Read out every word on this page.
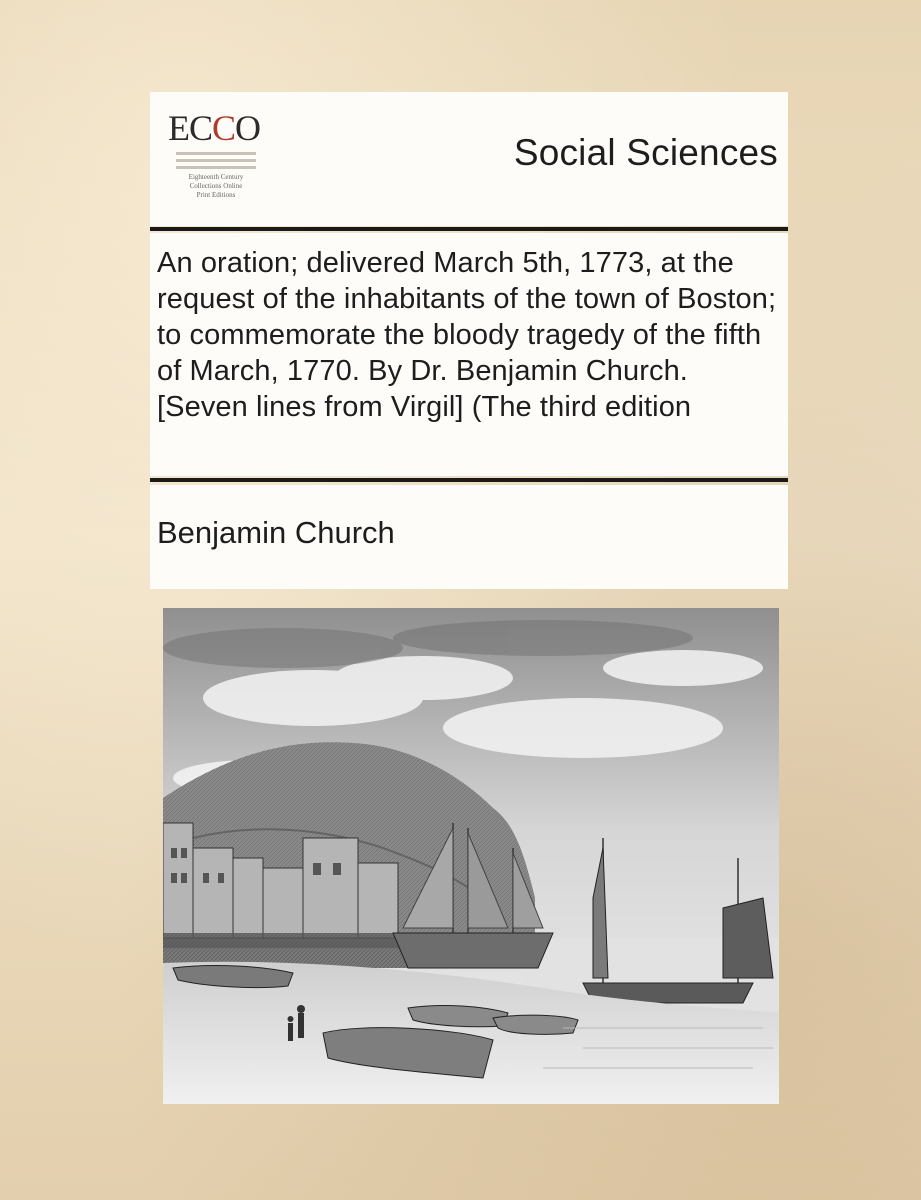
ECCO
Eighteenth Century
Collections Online
Print Editions
Social Sciences
An oration; delivered March 5th, 1773, at the request of the inhabitants of the town of Boston; to commemorate the bloody tragedy of the fifth of March, 1770. By Dr. Benjamin Church. [Seven lines from Virgil] (The third edition
Benjamin Church
